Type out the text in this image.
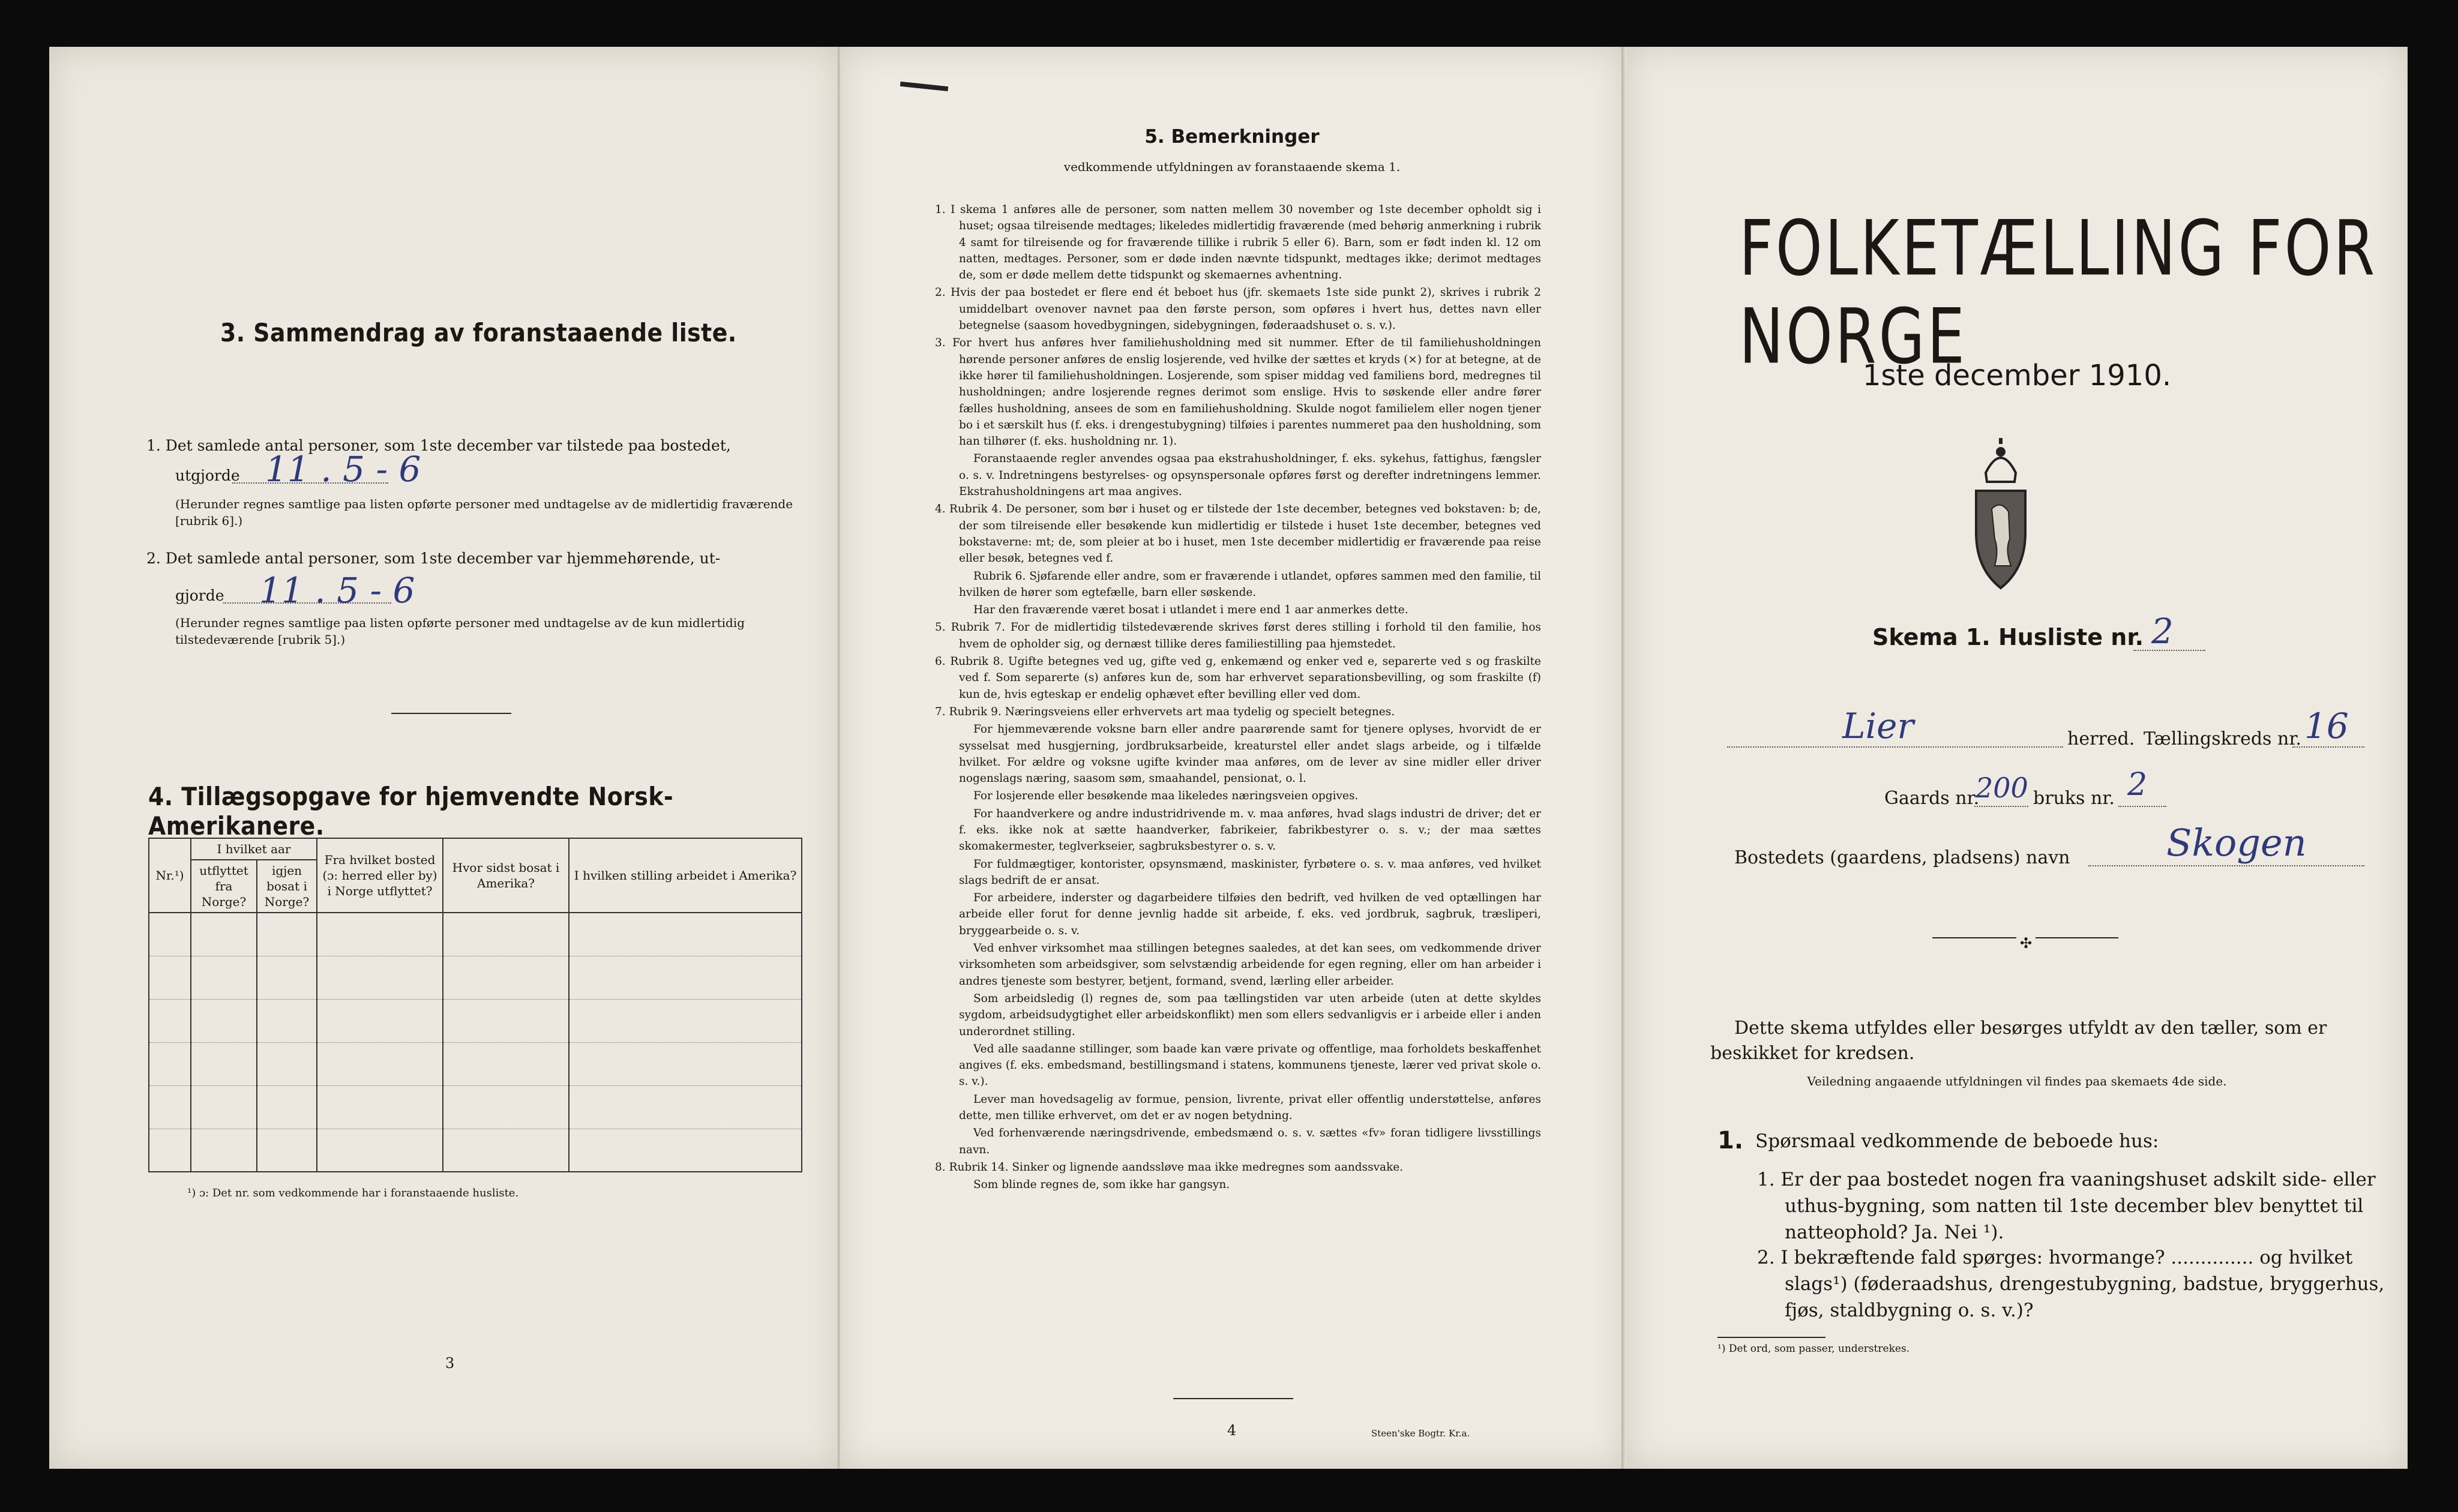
3. Sammendrag av foranstaaende liste.
1. Det samlede antal personer, som 1ste december var tilstede paa bostedet,
utgjorde 11 . 5 - 6
(Herunder regnes samtlige paa listen opførte personer med undtagelse av de midlertidig fraværende [rubrik 6].)
2. Det samlede antal personer, som 1ste december var hjemmehørende, ut-
gjorde 11 . 5 - 6
(Herunder regnes samtlige paa listen opførte personer med undtagelse av de kun midlertidig tilstedeværende [rubrik 5].)
4. Tillægsopgave for hjemvendte Norsk-Amerikanere.
Nr.¹)	I hvilket aar		Fra hvilket bosted (ɔ: herred eller by) i Norge utflyttet?	Hvor sidst bosat i Amerika?	I hvilken stilling arbeidet i Amerika?
	utflyttet fra Norge?	igjen bosat i Norge?			

¹) ɔ: Det nr. som vedkommende har i foranstaaende husliste.
3
5. Bemerkninger
vedkommende utfyldningen av foranstaaende skema 1.

1. I skema 1 anføres alle de personer, som natten mellem 30 november og 1ste december opholdt sig i huset; ogsaa tilreisende medtages; likeledes midlertidig fraværende (med behørig anmerkning i rubrik 4 samt for tilreisende og for fraværende tillike i rubrik 5 eller 6). Barn, som er født inden kl. 12 om natten, medtages. Personer, som er døde inden nævnte tidspunkt, medtages ikke; derimot medtages de, som er døde mellem dette tidspunkt og skemaernes avhentning.

2. Hvis der paa bostedet er flere end ét beboet hus (jfr. skemaets 1ste side punkt 2), skrives i rubrik 2 umiddelbart ovenover navnet paa den første person, som opføres i hvert hus, dettes navn eller betegnelse (saasom hovedbygningen, sidebygningen, føderaadshuset o. s. v.).

3. For hvert hus anføres hver familiehusholdning med sit nummer. Efter de til familiehusholdningen hørende personer anføres de enslig losjerende, ved hvilke der sættes et kryds (×) for at betegne, at de ikke hører til familiehusholdningen. Losjerende, som spiser middag ved familiens bord, medregnes til husholdningen; andre losjerende regnes derimot som enslige. Hvis to søskende eller andre fører fælles husholdning, ansees de som en familiehusholdning. Skulde nogot familielem eller nogen tjener bo i et særskilt hus (f. eks. i drengestubygning) tilføies i parentes nummeret paa den husholdning, som han tilhører (f. eks. husholdning nr. 1).

Foranstaaende regler anvendes ogsaa paa ekstrahusholdninger, f. eks. sykehus, fattighus, fængsler o. s. v. Indretningens bestyrelses- og opsynspersonale opføres først og derefter indretningens lemmer. Ekstrahusholdningens art maa angives.

4. Rubrik 4. De personer, som bør i huset og er tilstede der 1ste december, betegnes ved bokstaven: b; de, der som tilreisende eller besøkende kun midlertidig er tilstede i huset 1ste december, betegnes ved bokstaverne: mt; de, som pleier at bo i huset, men 1ste december midlertidig er fraværende paa reise eller besøk, betegnes ved f.

Rubrik 6. Sjøfarende eller andre, som er fraværende i utlandet, opføres sammen med den familie, til hvilken de hører som egtefælle, barn eller søskende.

Har den fraværende været bosat i utlandet i mere end 1 aar anmerkes dette.

5. Rubrik 7. For de midlertidig tilstedeværende skrives først deres stilling i forhold til den familie, hos hvem de opholder sig, og dernæst tillike deres familiestilling paa hjemstedet.

6. Rubrik 8. Ugifte betegnes ved ug, gifte ved g, enkemænd og enker ved e, separerte ved s og fraskilte ved f. Som separerte (s) anføres kun de, som har erhvervet separationsbevilling, og som fraskilte (f) kun de, hvis egteskap er endelig ophævet efter bevilling eller ved dom.

7. Rubrik 9. Næringsveiens eller erhvervets art maa tydelig og specielt betegnes.

For hjemmeværende voksne barn eller andre paarørende samt for tjenere oplyses, hvorvidt de er sysselsat med husgjerning, jordbruksarbeide, kreaturstel eller andet slags arbeide, og i tilfælde hvilket. For ældre og voksne ugifte kvinder maa anføres, om de lever av sine midler eller driver nogenslags næring, saasom søm, smaahandel, pensionat, o. l.

For losjerende eller besøkende maa likeledes næringsveien opgives.

For haandverkere og andre industridrivende m. v. maa anføres, hvad slags industri de driver; det er f. eks. ikke nok at sætte haandverker, fabrikeier, fabrikbestyrer o. s. v.; der maa sættes skomakermester, teglverkseier, sagbruksbestyrer o. s. v.

For fuldmægtiger, kontorister, opsynsmænd, maskinister, fyrbøtere o. s. v. maa anføres, ved hvilket slags bedrift de er ansat.

For arbeidere, inderster og dagarbeidere tilføies den bedrift, ved hvilken de ved optællingen har arbeide eller forut for denne jevnlig hadde sit arbeide, f. eks. ved jordbruk, sagbruk, træsliperi, bryggearbeide o. s. v.

Ved enhver virksomhet maa stillingen betegnes saaledes, at det kan sees, om vedkommende driver virksomheten som arbeidsgiver, som selvstændig arbeidende for egen regning, eller om han arbeider i andres tjeneste som bestyrer, betjent, formand, svend, lærling eller arbeider.

Som arbeidsledig (l) regnes de, som paa tællingstiden var uten arbeide (uten at dette skyldes sygdom, arbeidsudygtighet eller arbeidskonflikt) men som ellers sedvanligvis er i arbeide eller i anden underordnet stilling.

Ved alle saadanne stillinger, som baade kan være private og offentlige, maa forholdets beskaffenhet angives (f. eks. embedsmand, bestillingsmand i statens, kommunens tjeneste, lærer ved privat skole o. s. v.).

Lever man hovedsagelig av formue, pension, livrente, privat eller offentlig understøttelse, anføres dette, men tillike erhvervet, om det er av nogen betydning.

Ved forhenværende næringsdrivende, embedsmænd o. s. v. sættes «fv» foran tidligere livsstillings navn.

8. Rubrik 14. Sinker og lignende aandssløve maa ikke medregnes som aandssvake.

Som blinde regnes de, som ikke har gangsyn.

4	Steen'ske Bogtr. Kr.a.
FOLKETÆLLING FOR NORGE
1ste december 1910.
Skema 1. Husliste nr. 2
Lier	herred. Tællingskreds nr. 16
Gaards nr.
200 bruks nr. 2
Bostedets (gaardens, pladsens) navn	Skogen
✣
Dette skema utfyldes eller besørges utfyldt av den tæller, som er beskikket for kredsen.
Veiledning angaaende utfyldningen vil findes paa skemaets 4de side.
1. Spørsmaal vedkommende de beboede hus:
1. Er der paa bostedet nogen fra vaaningshuset adskilt side- eller uthus-bygning, som natten til 1ste december blev benyttet til natteophold? Ja. Nei ¹).
2. I bekræftende fald spørges: hvormange? .............. og hvilket slags¹) (føderaadshus, drengestubygning, badstue, bryggerhus, fjøs, staldbygning o. s. v.)?
¹) Det ord, som passer, understrekes.
